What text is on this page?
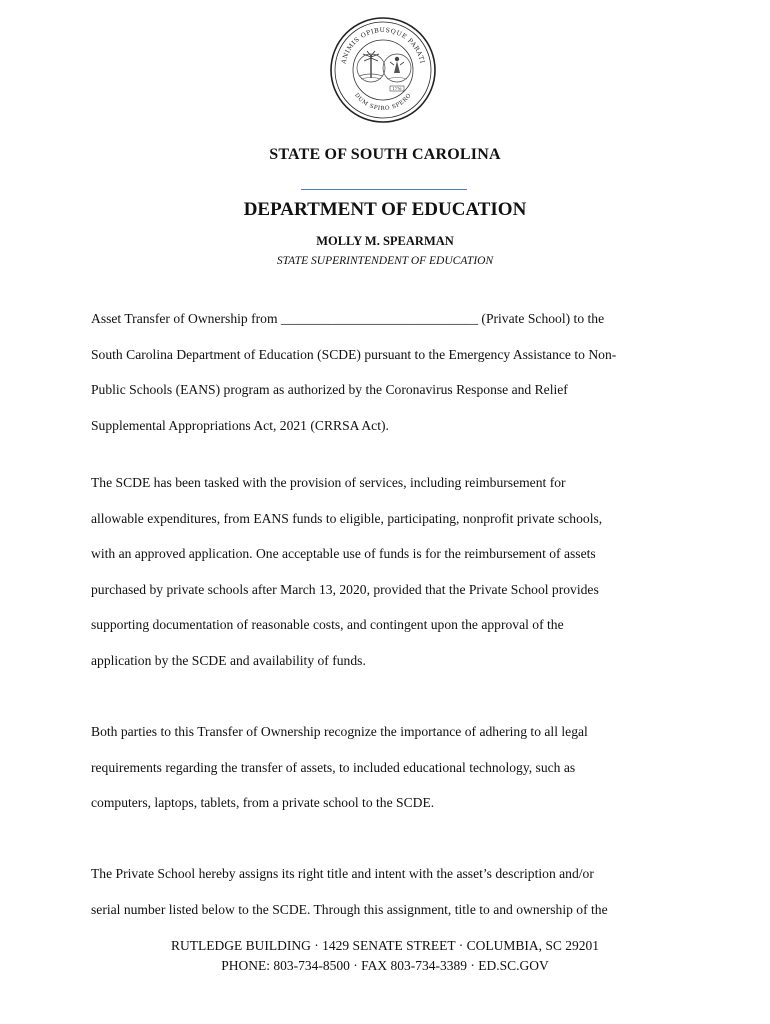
ANIMIS OPIBUSQUE PARATI
DUM SPIRO SPERO
1776
STATE OF SOUTH CAROLINA
DEPARTMENT OF EDUCATION
MOLLY M. SPEARMAN
STATE SUPERINTENDENT OF EDUCATION
Asset Transfer of Ownership from _____________________________ (Private School) to the
South Carolina Department of Education (SCDE) pursuant to the Emergency Assistance to Non-
Public Schools (EANS) program as authorized by the Coronavirus Response and Relief
Supplemental Appropriations Act, 2021 (CRRSA Act).
The SCDE has been tasked with the provision of services, including reimbursement for
allowable expenditures, from EANS funds to eligible, participating, nonprofit private schools,
with an approved application. One acceptable use of funds is for the reimbursement of assets
purchased by private schools after March 13, 2020, provided that the Private School provides
supporting documentation of reasonable costs, and contingent upon the approval of the
application by the SCDE and availability of funds.
Both parties to this Transfer of Ownership recognize the importance of adhering to all legal
requirements regarding the transfer of assets, to included educational technology, such as
computers, laptops, tablets, from a private school to the SCDE.
The Private School hereby assigns its right title and intent with the asset’s description and/or
serial number listed below to the SCDE. Through this assignment, title to and ownership of the
RUTLEDGE BUILDING · 1429 SENATE STREET · COLUMBIA, SC 29201
PHONE: 803-734-8500 · FAX 803-734-3389 · ED.SC.GOV
